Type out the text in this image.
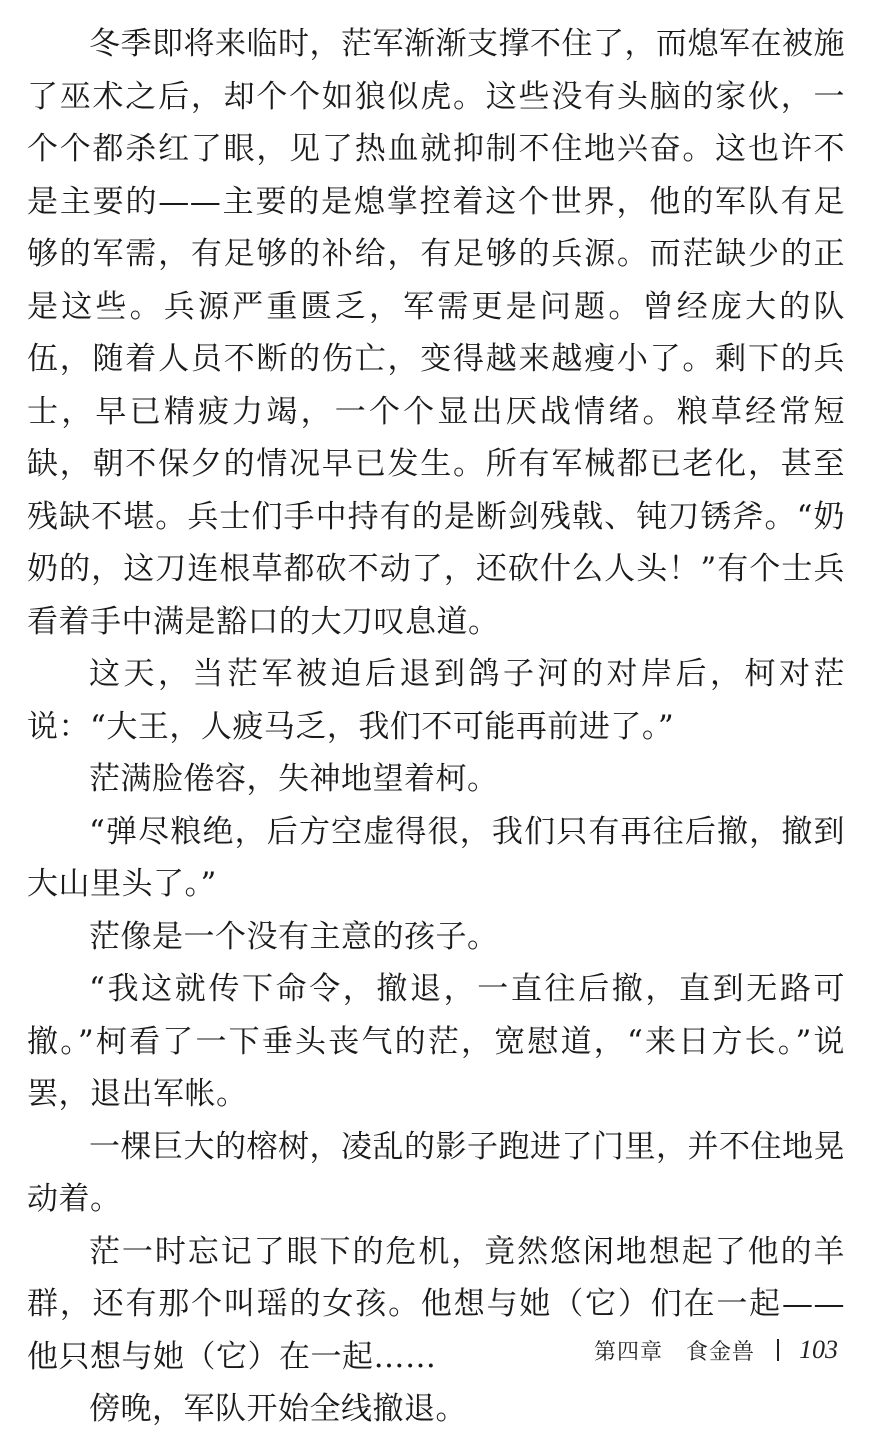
冬季即将来临时，茫军渐渐支撑不住了，而熄军在被施了巫术之后，却个个如狼似虎。这些没有头脑的家伙，一个个都杀红了眼，见了热血就抑制不住地兴奋。这也许不是主要的——主要的是熄掌控着这个世界，他的军队有足够的军需，有足够的补给，有足够的兵源。而茫缺少的正是这些。兵源严重匮乏，军需更是问题。曾经庞大的队伍，随着人员不断的伤亡，变得越来越瘦小了。剩下的兵士，早已精疲力竭，一个个显出厌战情绪。粮草经常短缺，朝不保夕的情况早已发生。所有军械都已老化，甚至残缺不堪。兵士们手中持有的是断剑残戟、钝刀锈斧。“奶奶的，这刀连根草都砍不动了，还砍什么人头！”有个士兵看着手中满是豁口的大刀叹息道。

这天，当茫军被迫后退到鸽子河的对岸后，柯对茫说：“大王，人疲马乏，我们不可能再前进了。”

茫满脸倦容，失神地望着柯。

“弹尽粮绝，后方空虚得很，我们只有再往后撤，撤到大山里头了。”

茫像是一个没有主意的孩子。

“我这就传下命令，撤退，一直往后撤，直到无路可撤。”柯看了一下垂头丧气的茫，宽慰道，“来日方长。”说罢，退出军帐。

一棵巨大的榕树，凌乱的影子跑进了门里，并不住地晃动着。

茫一时忘记了眼下的危机，竟然悠闲地想起了他的羊群，还有那个叫瑶的女孩。他想与她（它）们在一起——他只想与她（它）在一起……

傍晚，军队开始全线撤退。

第四章　食金兽 103
